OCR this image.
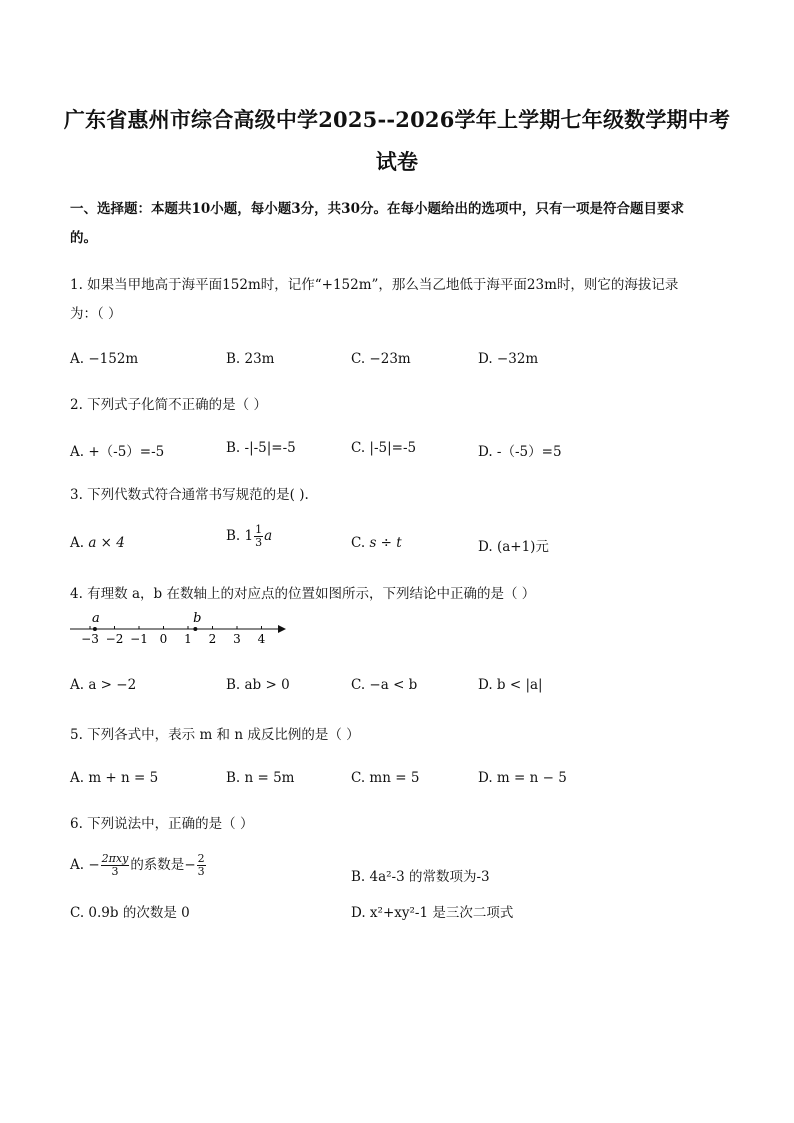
广东省惠州市综合高级中学2025--2026学年上学期七年级数学期中考
试卷
一、选择题：本题共10小题，每小题3分，共30分。在每小题给出的选项中，只有一项是符合题目要求
的。
1. 如果当甲地高于海平面152m时，记作“+152m”，那么当乙地低于海平面23m时，则它的海拔记录
为：（ ）
A. −152m	B. 23m	C. −23m	D. −32m
2. 下列式子化简不正确的是（ ）
A. +（-5）=-5	B. -|-5|=-5	C. |-5|=-5	D. -（-5）=5
3. 下列代数式符合通常书写规范的是( ).
A. a × 4	B. $1 \frac{1}{3}$ a	C. s ÷ t	D. (a+1)元
4. 有理数 a，b 在数轴上的对应点的位置如图所示，下列结论中正确的是（ ）
−3 −2 −1 0 1 2 3 4
a	b
A. a > −2	B. ab > 0	C. −a < b	D. b < |a|
5. 下列各式中，表示 m 和 n 成反比例的是（ ）
A. m + n = 5	B. n = 5m	C. mn = 5	D. m = n − 5
6. 下列说法中，正确的是（ ）
A. − $\frac{\text{2πxy}}{3}$ 的系数是− $\frac{2}{3}$	B. 4a²-3 的常数项为-3
C. 0.9b 的次数是 0	D. x²+xy²-1 是三次二项式
